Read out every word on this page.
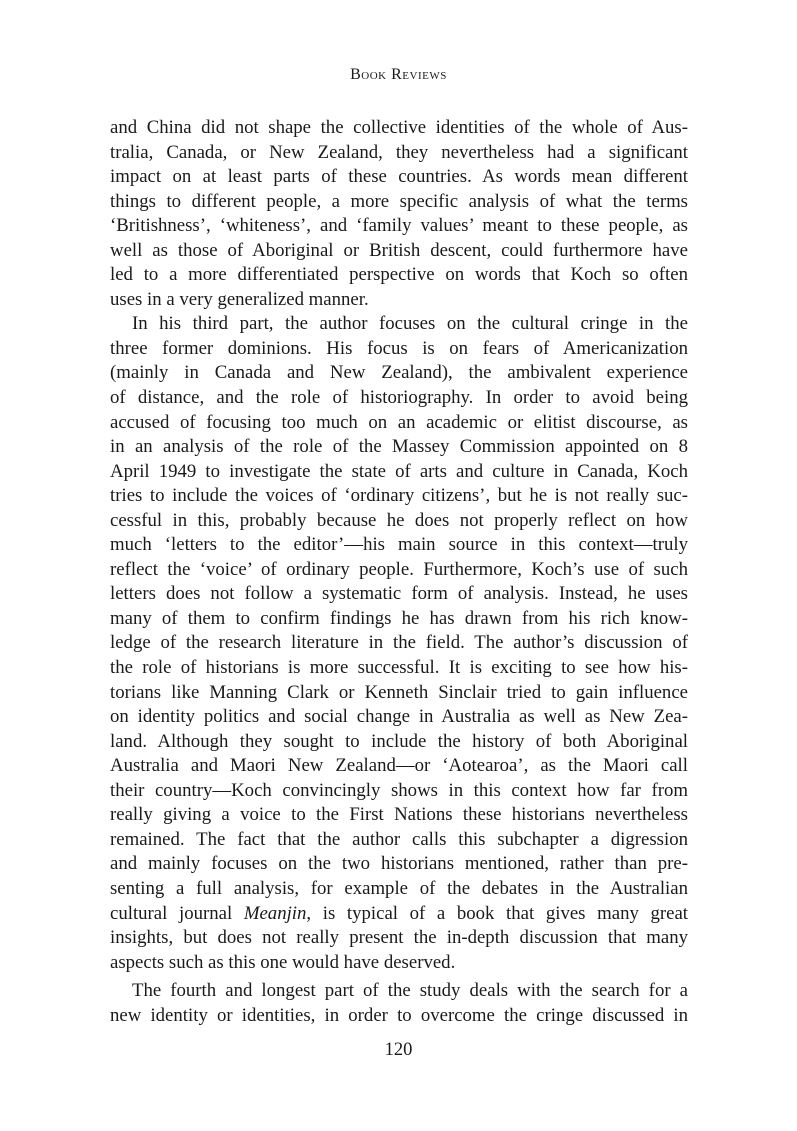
Book Reviews
and China did not shape the collective identities of the whole of Aus-
tralia, Canada, or New Zealand, they nevertheless had a significant
impact on at least parts of these countries. As words mean different
things to different people, a more specific analysis of what the terms
‘Britishness’, ‘whiteness’, and ‘family values’ meant to these people, as
well as those of Aboriginal or British descent, could furthermore have
led to a more differentiated perspective on words that Koch so often
uses in a very generalized manner.
In his third part, the author focuses on the cultural cringe in the
three former dominions. His focus is on fears of Americanization
(mainly in Canada and New Zealand), the ambivalent experience
of distance, and the role of historiography. In order to avoid being
accused of focusing too much on an academic or elitist discourse, as
in an analysis of the role of the Massey Commission appointed on 8
April 1949 to investigate the state of arts and culture in Canada, Koch
tries to include the voices of ‘ordinary citizens’, but he is not really suc-
cessful in this, probably because he does not properly reflect on how
much ‘letters to the editor’—his main source in this context—truly
reflect the ‘voice’ of ordinary people. Furthermore, Koch’s use of such
letters does not follow a systematic form of analysis. Instead, he uses
many of them to confirm findings he has drawn from his rich know-
ledge of the research literature in the field. The author’s discussion of
the role of historians is more successful. It is exciting to see how his-
torians like Manning Clark or Kenneth Sinclair tried to gain influence
on identity politics and social change in Australia as well as New Zea-
land. Although they sought to include the history of both Aboriginal
Australia and Maori New Zealand—or ‘Aotearoa’, as the Maori call
their country—Koch convincingly shows in this context how far from
really giving a voice to the First Nations these historians nevertheless
remained. The fact that the author calls this subchapter a digression
and mainly focuses on the two historians mentioned, rather than pre-
senting a full analysis, for example of the debates in the Australian
cultural journal Meanjin, is typical of a book that gives many great
insights, but does not really present the in-depth discussion that many
aspects such as this one would have deserved.
The fourth and longest part of the study deals with the search for a
new identity or identities, in order to overcome the cringe discussed in
120
